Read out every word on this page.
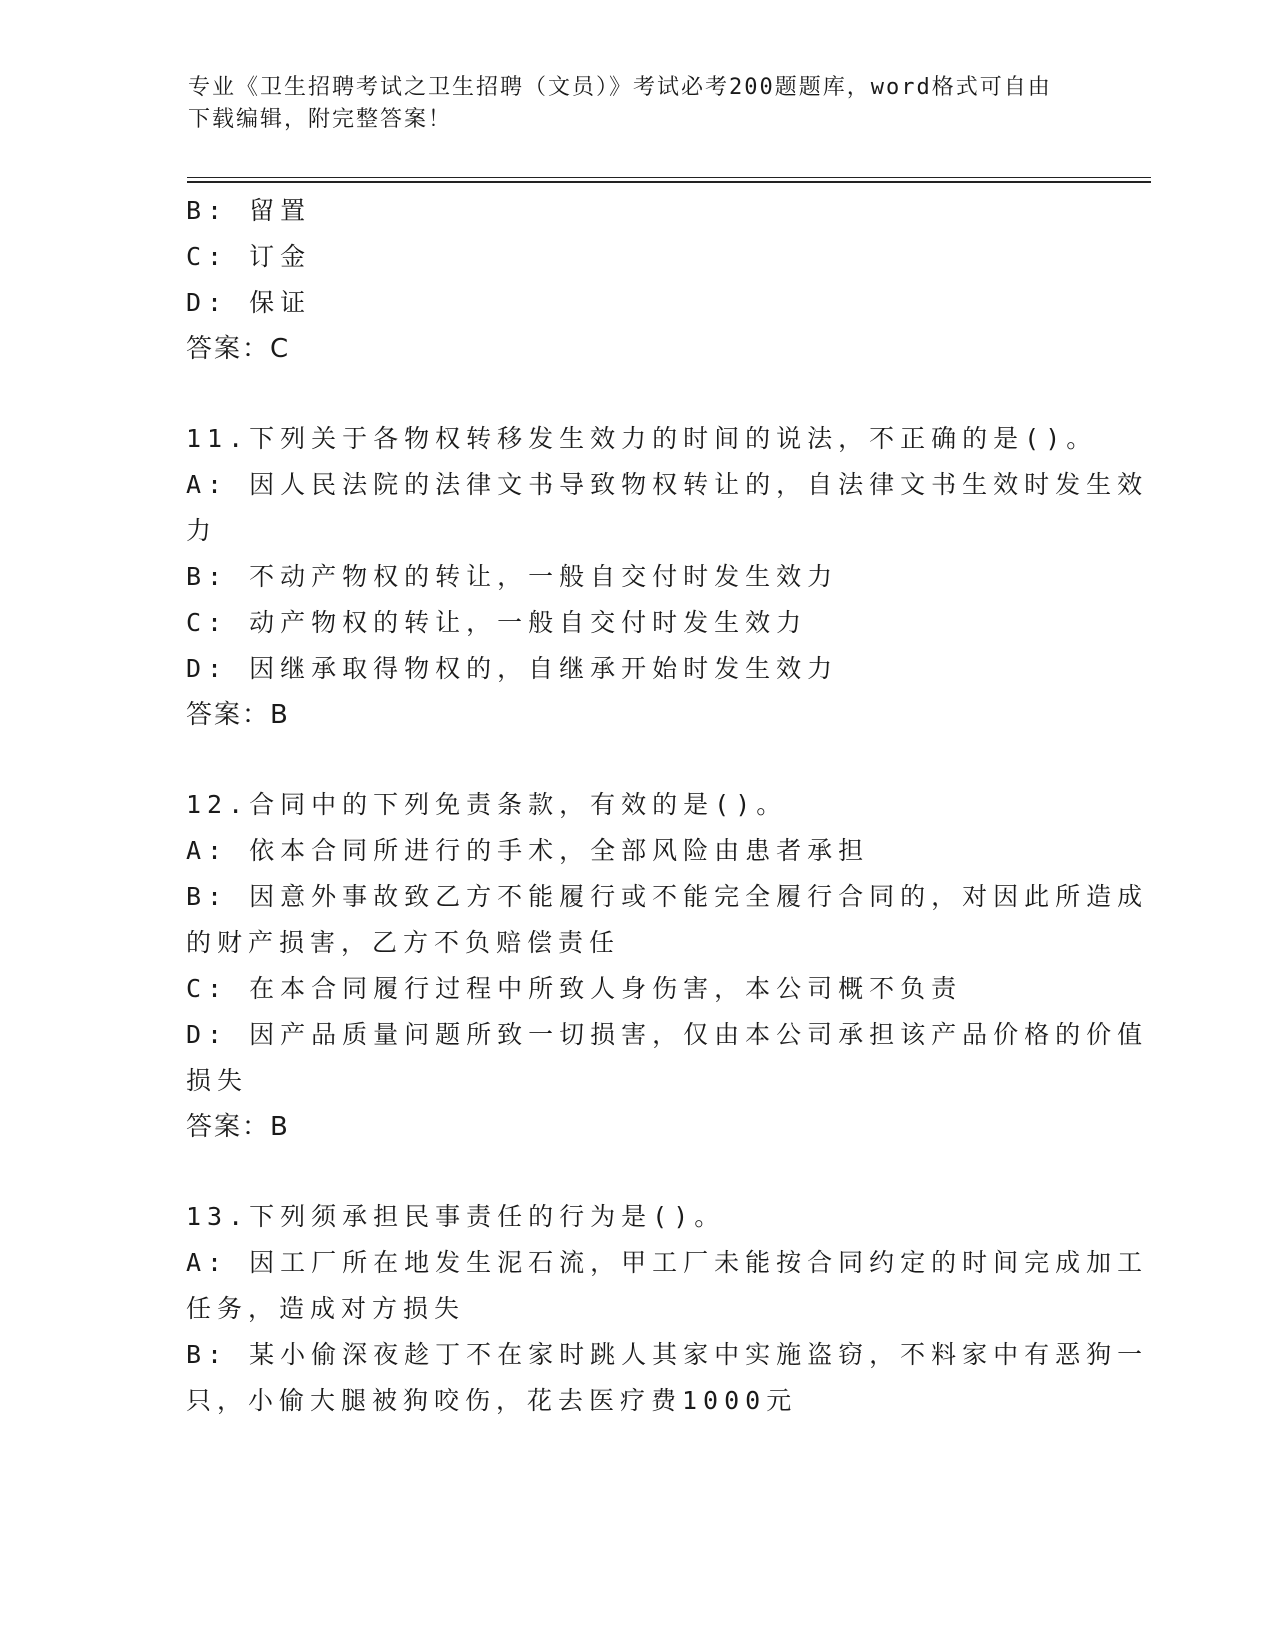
专业《卫生招聘考试之卫生招聘（文员）》考试必考200题题库，word格式可自由下载编辑，附完整答案！

B: 留置

C: 订金

D: 保证

答案：C

11.下列关于各物权转移发生效力的时间的说法，不正确的是()。

A: 因人民法院的法律文书导致物权转让的，自法律文书生效时发生效

力

B: 不动产物权的转让，一般自交付时发生效力

C: 动产物权的转让，一般自交付时发生效力

D: 因继承取得物权的，自继承开始时发生效力

答案：B

12.合同中的下列免责条款，有效的是()。

A: 依本合同所进行的手术，全部风险由患者承担

B: 因意外事故致乙方不能履行或不能完全履行合同的，对因此所造成

的财产损害，乙方不负赔偿责任

C: 在本合同履行过程中所致人身伤害，本公司概不负责

D: 因产品质量问题所致一切损害，仅由本公司承担该产品价格的价值

损失

答案：B

13.下列须承担民事责任的行为是()。

A: 因工厂所在地发生泥石流，甲工厂未能按合同约定的时间完成加工

任务，造成对方损失

B: 某小偷深夜趁丁不在家时跳人其家中实施盗窃，不料家中有恶狗一

只，小偷大腿被狗咬伤，花去医疗费1000元
